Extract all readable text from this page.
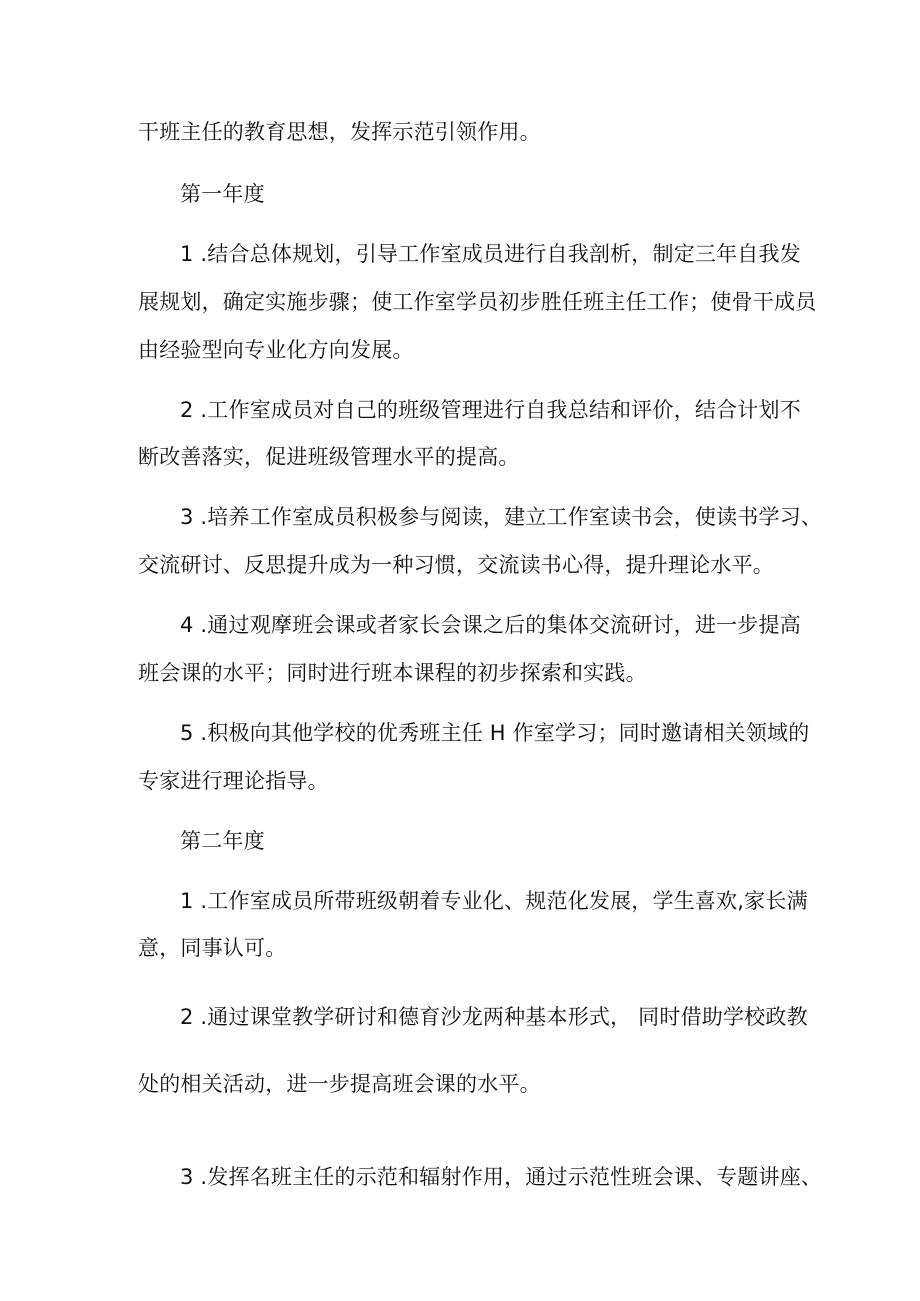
干班主任的教育思想，发挥示范引领作用。
第一年度
1 .结合总体规划，引导工作室成员进行自我剖析，制定三年自我发
展规划，确定实施步骤；使工作室学员初步胜任班主任工作；使骨干成员
由经验型向专业化方向发展。
2 .工作室成员对自己的班级管理进行自我总结和评价，结合计划不
断改善落实，促进班级管理水平的提高。
3 .培养工作室成员积极参与阅读，建立工作室读书会，使读书学习、
交流研讨、反思提升成为一种习惯，交流读书心得，提升理论水平。
4 .通过观摩班会课或者家长会课之后的集体交流研讨，进一步提高
班会课的水平；同时进行班本课程的初步探索和实践。
5 .积极向其他学校的优秀班主任 H 作室学习；同时邀请相关领域的
专家进行理论指导。
第二年度
1 .工作室成员所带班级朝着专业化、规范化发展，学生喜欢,家长满
意，同事认可。
2 .通过课堂教学研讨和德育沙龙两种基本形式， 同时借助学校政教
处的相关活动，进一步提高班会课的水平。
3 .发挥名班主任的示范和辐射作用，通过示范性班会课、专题讲座、
